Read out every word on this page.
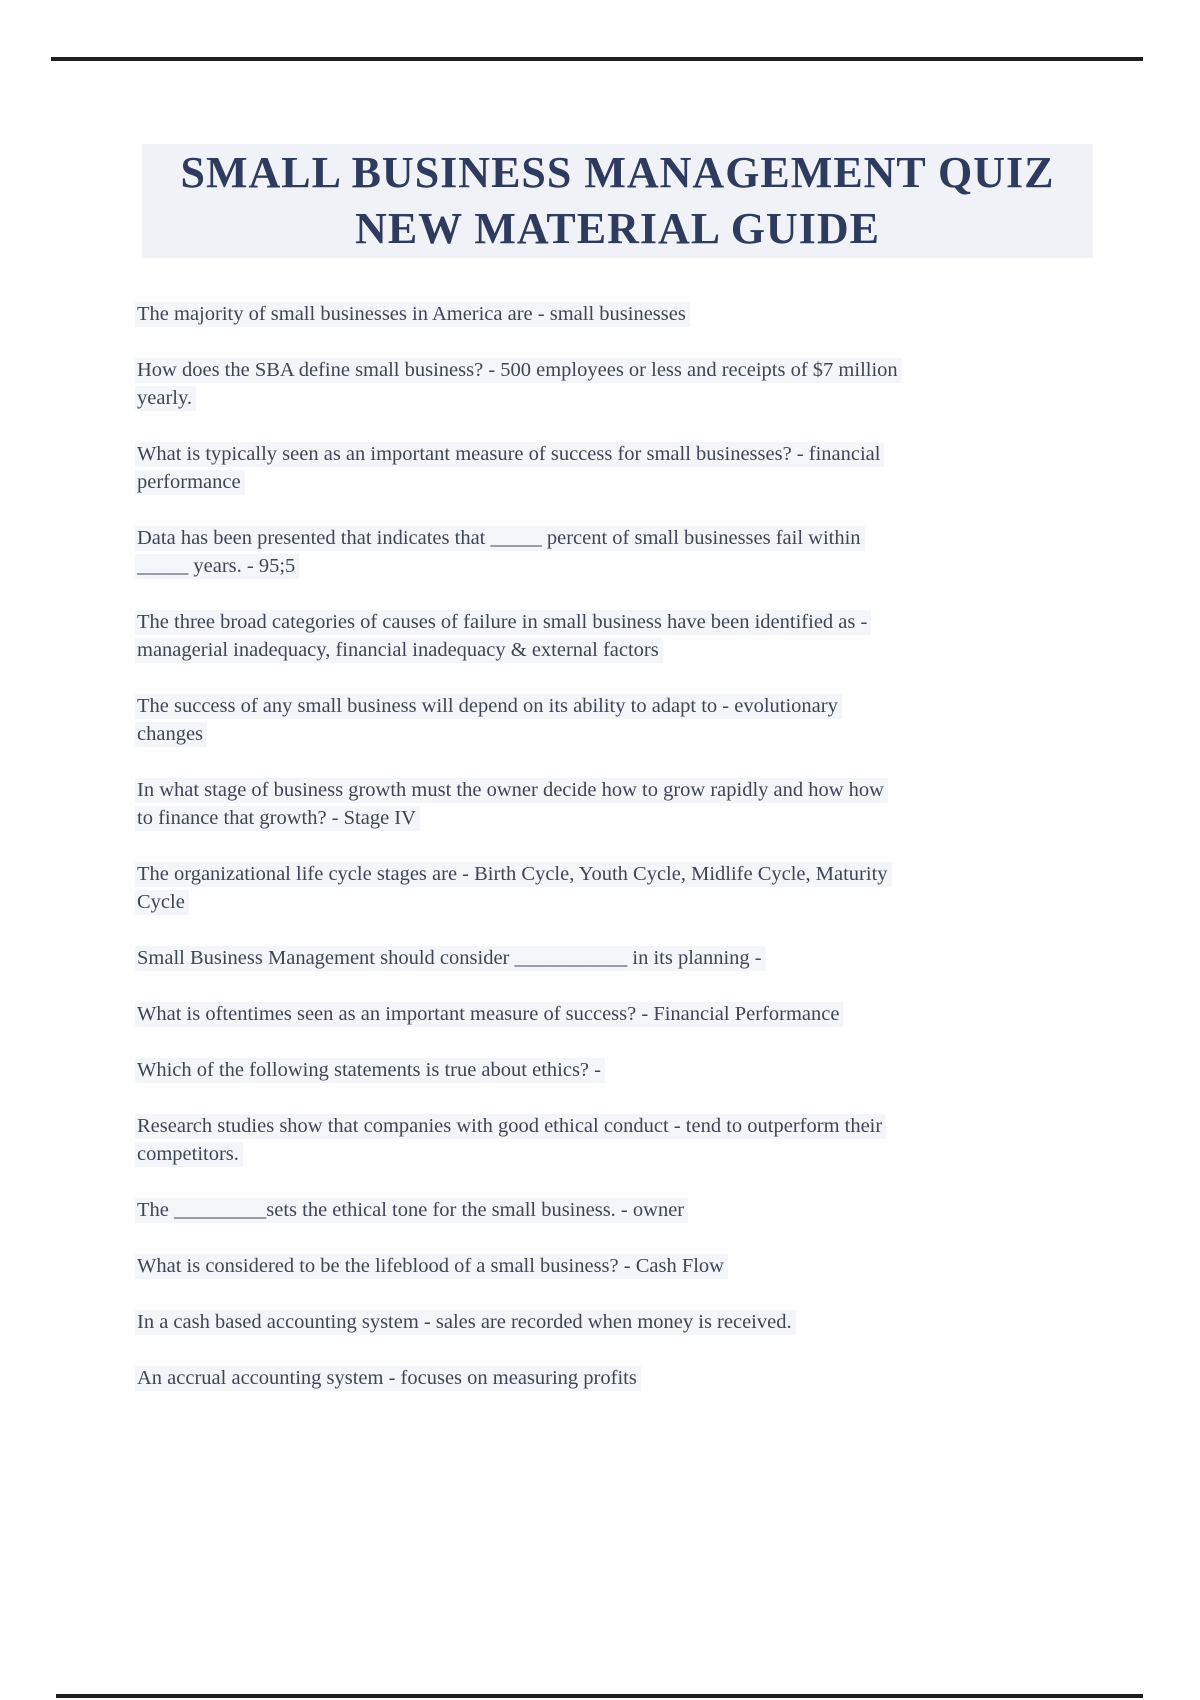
SMALL BUSINESS MANAGEMENT QUIZ
NEW MATERIAL GUIDE

The majority of small businesses in America are - small businesses

How does the SBA define small business? - 500 employees or less and receipts of $7 million
yearly.

What is typically seen as an important measure of success for small businesses? - financial
performance

Data has been presented that indicates that _____ percent of small businesses fail within
_____ years. - 95;5

The three broad categories of causes of failure in small business have been identified as -
managerial inadequacy, financial inadequacy & external factors

The success of any small business will depend on its ability to adapt to - evolutionary
changes

In what stage of business growth must the owner decide how to grow rapidly and how how
to finance that growth? - Stage IV

The organizational life cycle stages are - Birth Cycle, Youth Cycle, Midlife Cycle, Maturity
Cycle

Small Business Management should consider ___________ in its planning -

What is oftentimes seen as an important measure of success? - Financial Performance

Which of the following statements is true about ethics? -

Research studies show that companies with good ethical conduct - tend to outperform their
competitors.

The _________sets the ethical tone for the small business. - owner

What is considered to be the lifeblood of a small business? - Cash Flow

In a cash based accounting system - sales are recorded when money is received.

An accrual accounting system - focuses on measuring profits
